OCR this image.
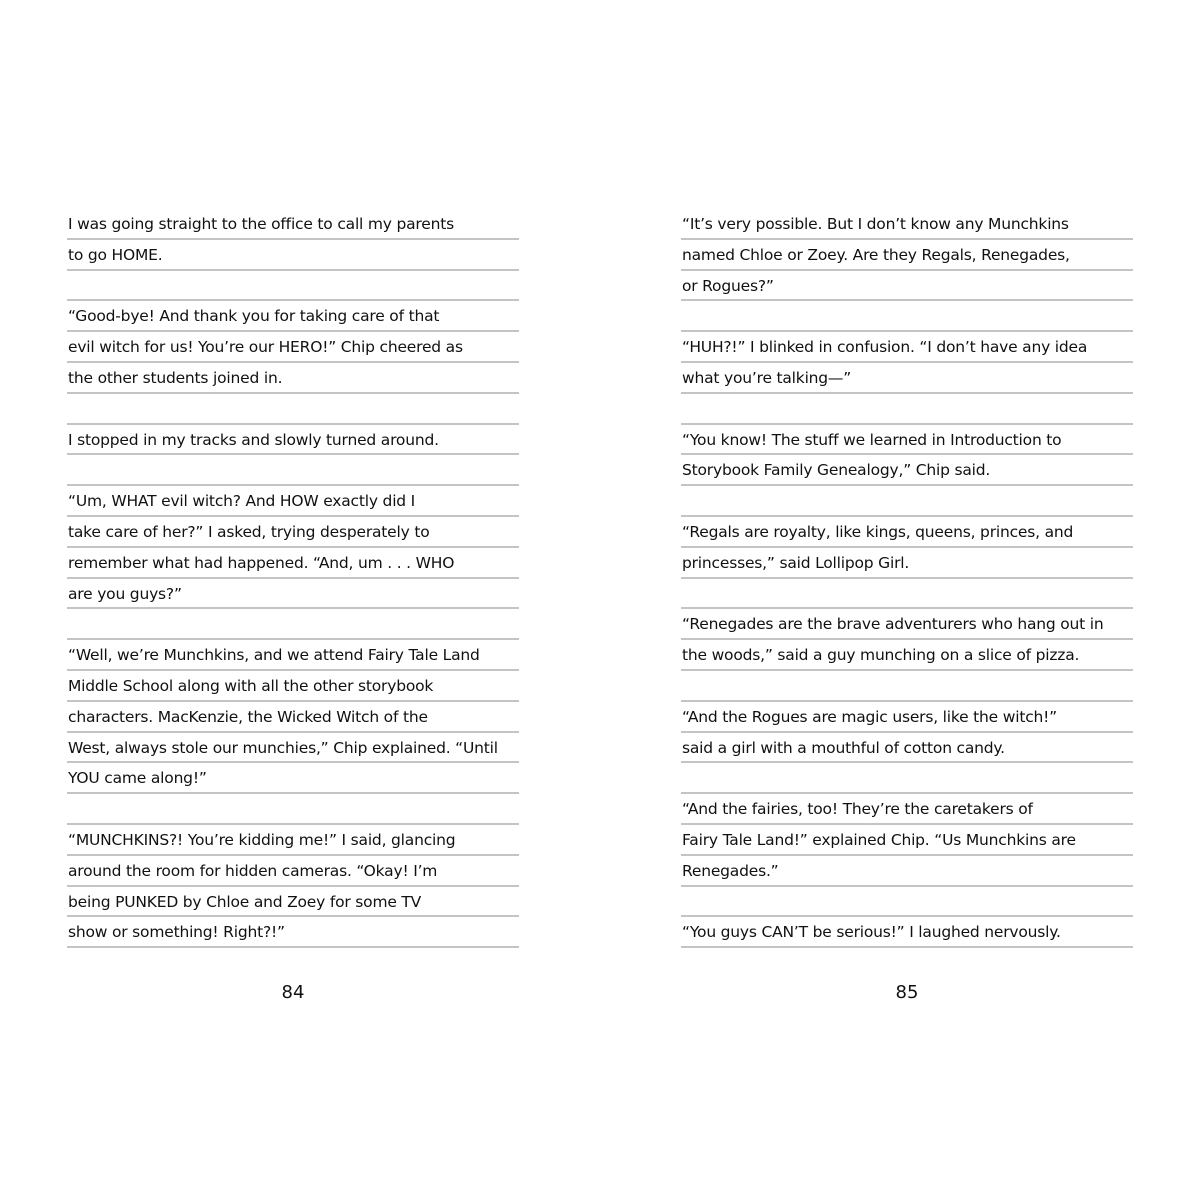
I was going straight to the office to call my parents
to go HOME.
“Good-bye! And thank you for taking care of that
evil witch for us! You’re our HERO!” Chip cheered as
the other students joined in.
I stopped in my tracks and slowly turned around.
“Um, WHAT evil witch? And HOW exactly did I
take care of her?” I asked, trying desperately to
remember what had happened. “And, um . . . WHO
are you guys?”
“Well, we’re Munchkins, and we attend Fairy Tale Land
Middle School along with all the other storybook
characters. MacKenzie, the Wicked Witch of the
West, always stole our munchies,” Chip explained. “Until
YOU came along!”
“MUNCHKINS?! You’re kidding me!” I said, glancing
around the room for hidden cameras. “Okay! I’m
being PUNKED by Chloe and Zoey for some TV
show or something! Right?!”
84
“It’s very possible. But I don’t know any Munchkins
named Chloe or Zoey. Are they Regals, Renegades,
or Rogues?”
“HUH?!” I blinked in confusion. “I don’t have any idea
what you’re talking—”
“You know! The stuff we learned in Introduction to
Storybook Family Genealogy,” Chip said.
“Regals are royalty, like kings, queens, princes, and
princesses,” said Lollipop Girl.
“Renegades are the brave adventurers who hang out in
the woods,” said a guy munching on a slice of pizza.
“And the Rogues are magic users, like the witch!”
said a girl with a mouthful of cotton candy.
“And the fairies, too! They’re the caretakers of
Fairy Tale Land!” explained Chip. “Us Munchkins are
Renegades.”
“You guys CAN’T be serious!” I laughed nervously.
85
